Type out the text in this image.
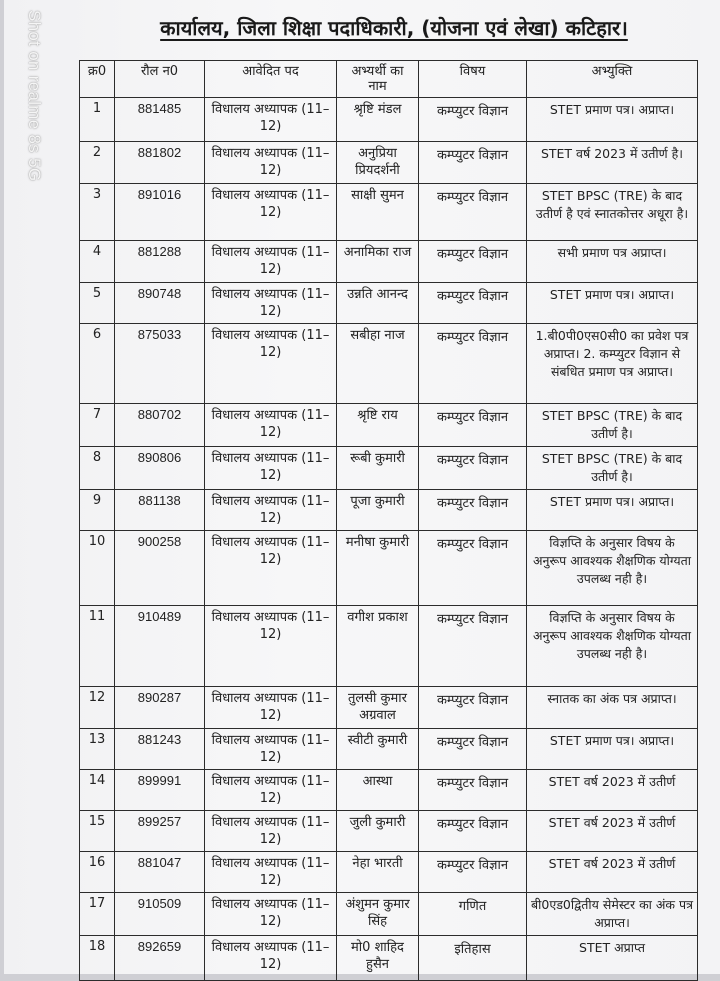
Shot on realme 8s 5G	कार्यालय, जिला शिक्षा पदाधिकारी, (योजना एवं लेखा) कटिहार।
क्र0	रौल न0	आवेदित पद	अभ्यर्थी का नाम	विषय	अभ्युक्ति
1	881485	विधालय अध्यापक (11–12)	श्रृष्टि मंडल	कम्प्युटर विज्ञान	STET प्रमाण पत्र। अप्राप्त।
2	881802	विधालय अध्यापक (11–12)	अनुप्रिया प्रियदर्शनी	कम्प्युटर विज्ञान	STET वर्ष 2023 में उतीर्ण है।
3	891016	विधालय अध्यापक (11–12)	साक्षी सुमन	कम्प्युटर विज्ञान	STET BPSC (TRE) के बाद उतीर्ण है एवं स्नातकोत्तर अधूरा है।
4	881288	विधालय अध्यापक (11–12)	अनामिका राज	कम्प्युटर विज्ञान	सभी प्रमाण पत्र अप्राप्त।
5	890748	विधालय अध्यापक (11–12)	उन्नति आनन्द	कम्प्युटर विज्ञान	STET प्रमाण पत्र। अप्राप्त।
6	875033	विधालय अध्यापक (11–12)	सबीहा नाज	कम्प्युटर विज्ञान	1.बी0पी0एस0सी0 का प्रवेश पत्र अप्राप्त। 2. कम्प्युटर विज्ञान से संबधित प्रमाण पत्र अप्राप्त।
7	880702	विधालय अध्यापक (11–12)	श्रृष्टि राय	कम्प्युटर विज्ञान	STET BPSC (TRE) के बाद उतीर्ण है।
8	890806	विधालय अध्यापक (11–12)	रूबी कुमारी	कम्प्युटर विज्ञान	STET BPSC (TRE) के बाद उतीर्ण है।
9	881138	विधालय अध्यापक (11–12)	पूजा कुमारी	कम्प्युटर विज्ञान	STET प्रमाण पत्र। अप्राप्त।
10	900258	विधालय अध्यापक (11–12)	मनीषा कुमारी	कम्प्युटर विज्ञान	विज्ञप्ति के अनुसार विषय के अनुरूप आवश्यक शैक्षणिक योग्यता उपलब्ध नही है।
11	910489	विधालय अध्यापक (11–12)	वगीश प्रकाश	कम्प्युटर विज्ञान	विज्ञप्ति के अनुसार विषय के अनुरूप आवश्यक शैक्षणिक योग्यता उपलब्ध नही है।
12	890287	विधालय अध्यापक (11–12)	तुलसी कुमार अग्रवाल	कम्प्युटर विज्ञान	स्नातक का अंक पत्र अप्राप्त।
13	881243	विधालय अध्यापक (11–12)	स्वीटी कुमारी	कम्प्युटर विज्ञान	STET प्रमाण पत्र। अप्राप्त।
14	899991	विधालय अध्यापक (11–12)	आस्था	कम्प्युटर विज्ञान	STET वर्ष 2023 में उतीर्ण
15	899257	विधालय अध्यापक (11–12)	जुली कुमारी	कम्प्युटर विज्ञान	STET वर्ष 2023 में उतीर्ण
16	881047	विधालय अध्यापक (11–12)	नेहा भारती	कम्प्युटर विज्ञान	STET वर्ष 2023 में उतीर्ण
17	910509	विधालय अध्यापक (11–12)	अंशुमन कुमार सिंह	गणित	बी0एड0द्वितीय सेमेस्टर का अंक पत्र अप्राप्त।
18	892659	विधालय अध्यापक (11–12)	मो0 शाहिद हुसैन	इतिहास	STET अप्राप्त
